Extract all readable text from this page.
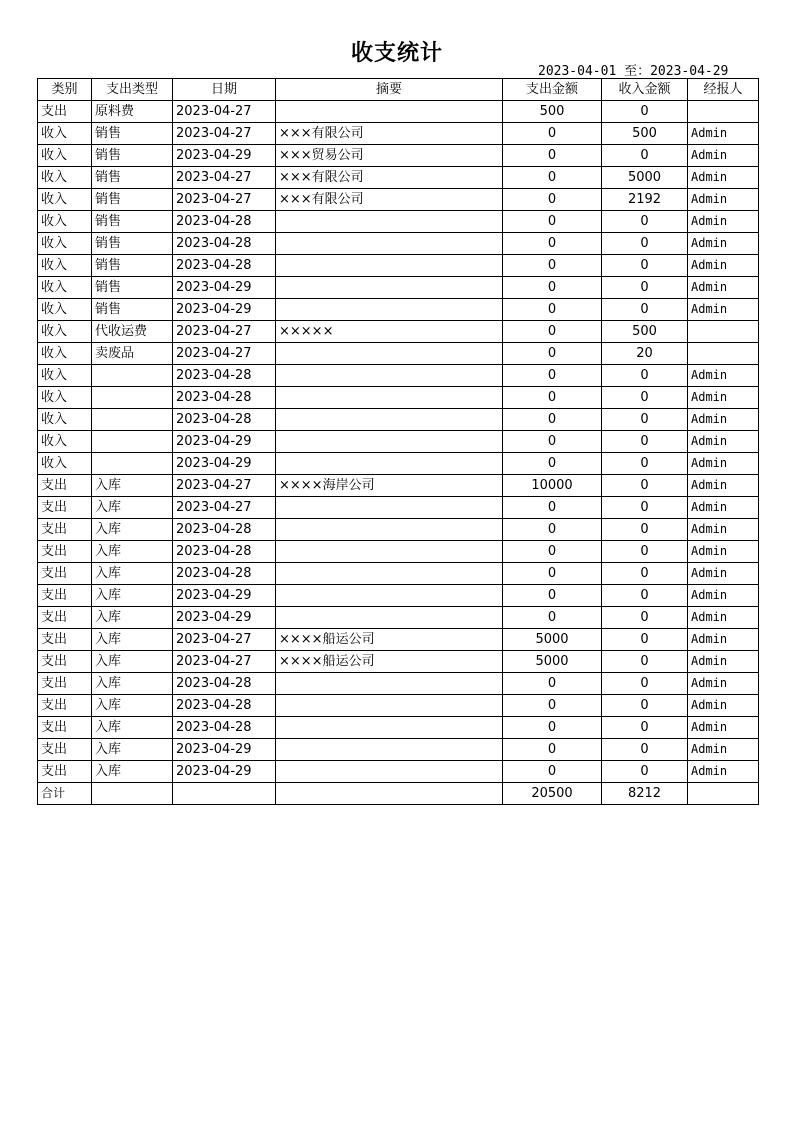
收支统计
2023-04-01 至：2023-04-29
类别	支出类型	日期	摘要	支出金额	收入金额	经报人
支出	原料费	2023-04-27		500	0	
收入	销售	2023-04-27	×××有限公司	0	500	Admin
收入	销售	2023-04-29	×××贸易公司	0	0	Admin
收入	销售	2023-04-27	×××有限公司	0	5000	Admin
收入	销售	2023-04-27	×××有限公司	0	2192	Admin
收入	销售	2023-04-28		0	0	Admin
收入	销售	2023-04-28		0	0	Admin
收入	销售	2023-04-28		0	0	Admin
收入	销售	2023-04-29		0	0	Admin
收入	销售	2023-04-29		0	0	Admin
收入	代收运费	2023-04-27	×××××	0	500	
收入	卖废品	2023-04-27		0	20	
收入		2023-04-28		0	0	Admin
收入		2023-04-28		0	0	Admin
收入		2023-04-28		0	0	Admin
收入		2023-04-29		0	0	Admin
收入		2023-04-29		0	0	Admin
支出	入库	2023-04-27	××××海岸公司	10000	0	Admin
支出	入库	2023-04-27		0	0	Admin
支出	入库	2023-04-28		0	0	Admin
支出	入库	2023-04-28		0	0	Admin
支出	入库	2023-04-28		0	0	Admin
支出	入库	2023-04-29		0	0	Admin
支出	入库	2023-04-29		0	0	Admin
支出	入库	2023-04-27	××××船运公司	5000	0	Admin
支出	入库	2023-04-27	××××船运公司	5000	0	Admin
支出	入库	2023-04-28		0	0	Admin
支出	入库	2023-04-28		0	0	Admin
支出	入库	2023-04-28		0	0	Admin
支出	入库	2023-04-29		0	0	Admin
支出	入库	2023-04-29		0	0	Admin
合计				20500	8212	
